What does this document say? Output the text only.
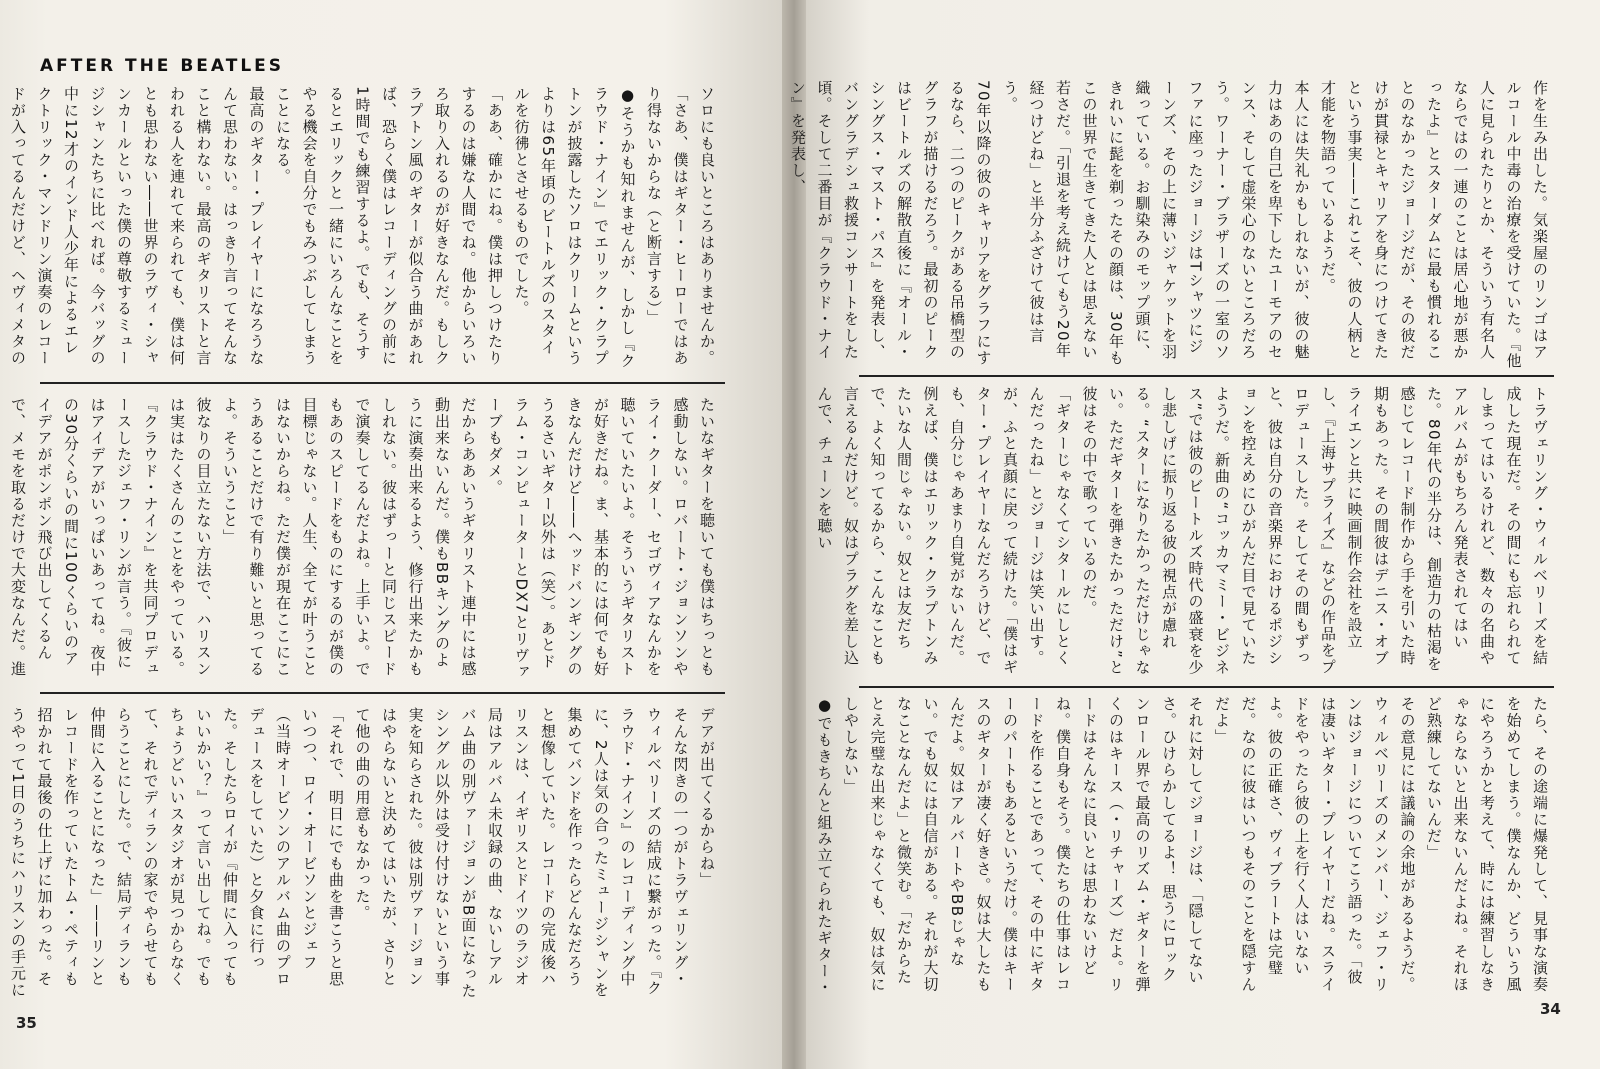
AFTER THE BEATLES
ソロにも良いところはありませんか。
「さあ、僕はギター・ヒーローではあり得ないからな（と断言する）」
●そうかも知れませんが、しかし『クラウド・ナイン』でエリック・クラプトンが披露したソロはクリームというよりは65年頃のビートルズのスタイルを彷彿とさせるものでした。
「ああ、確かにね。僕は押しつけたりするのは嫌な人間でね。他からいろいろ取り入れるのが好きなんだ。もしクラプトン風のギターが似合う曲があれば、恐らく僕はレコーディングの前に1時間でも練習するよ。でも、そうするとエリックと一緒にいろんなことをやる機会を自分でもみつぶしてしまうことになる。
最高のギター・プレイヤーになろうなんて思わない。はっきり言ってそんなこと構わない。最高のギタリストと言われる人を連れて来られても、僕は何とも思わない――世界のラヴィ・シャンカールといった僕の尊敬するミュージシャンたちに比べれば。今バッグの中に12才のインド人少年によるエレクトリック・マンドリン演奏のレコードが入ってるんだけど、ヘヴィメタの
たいなギターを聴いても僕はちっとも感動しない。ロバート・ジョンソンやライ・クーダー、セゴヴィアなんかを聴いていたいよ。そういうギタリストが好きだね。ま、基本的には何でも好きなんだけど――ヘッドバンギングのうるさいギター以外は（笑）。あとドラム・コンピューターとDX7とリヴァーブもダメ。
だからああいうギタリスト連中には感動出来ないんだ。僕もBBキングのように演奏出来るよう、修行出来たかもしれない。彼はずっーと同じスピードで演奏してるんだよね。上手いよ。でもあのスピードをものにするのが僕の目標じゃない。人生、全てが叶うことはないからね。ただ僕が現在ここにこうあることだけで有り難いと思ってるよ。そういうこと」
彼なりの目立たない方法で、ハリスンは実はたくさんのことをやっている。『クラウド・ナイン』を共同プロデュースしたジェフ・リンが言う。『彼にはアイデアがいっぱいあってね。夜中の30分くらいの間に100くらいのアイデアがポンポン飛び出してくるんで、メモを取るだけで大変なんだ。進
デアが出てくるからね」
そんな閃きの一つがトラヴェリング・ウィルベリーズの結成に繋がった。『クラウド・ナイン』のレコーディング中に、2人は気の合ったミュージシャンを集めてバンドを作ったらどんなだろうと想像していた。レコードの完成後ハリスンは、イギリスとドイツのラジオ局はアルバム未収録の曲、ないしアルバム曲の別ヴァージョンがB面になったシングル以外は受け付けないという事実を知らされた。彼は別ヴァージョンはやらないと決めてはいたが、さりとて他の曲の用意もなかった。
「それで、明日にでも曲を書こうと思いつつ、ロイ・オービソンとジェフ（当時オービソンのアルバム曲のプロデュースをしていた）と夕食に行った。そしたらロイが『仲間に入ってもいいかい？』って言い出してね。でもちょうどいいスタジオが見つからなくて、それでディランの家でやらせてもらうことにした。で、結局ディランも仲間に入ることになった」――リンとレコードを作っていたトム・ペティも招かれて最後の仕上げに加わった。そうやって1日のうちにハリスンの手元に
35
作を生み出した。気楽屋のリンゴはアルコール中毒の治療を受けていた。『他人に見られたりとか、そういう有名人ならではの一連のことは居心地が悪かったよ』とスターダムに最も慣れることのなかったジョージだが、その彼だけが貫禄とキャリアを身につけてきたという事実――これこそ、彼の人柄と才能を物語っているようだ。
本人には失礼かもしれないが、彼の魅力はあの自己を卑下したユーモアのセンス、そして虚栄心のないところだろう。ワーナー・ブラザーズの一室のソファに座ったジョージはTシャツにジーンズ、その上に薄いジャケットを羽織っている。お馴染みのモップ頭に、きれいに髭を剃ったその顔は、30年もこの世界で生きてきた人とは思えない若さだ。「引退を考え続けてもう20年経つけどね」と半分ふざけて彼は言う。
70年以降の彼のキャリアをグラフにするなら、二つのピークがある吊橋型のグラフが描けるだろう。最初のピークはビートルズの解散直後に『オール・シングス・マスト・パス』を発表し、バングラデシュ救援コンサートをした頃。そして二番目が『クラウド・ナイン』を発表し、
トラヴェリング・ウィルベリーズを結成した現在だ。その間にも忘れられてしまってはいるけれど、数々の名曲やアルバムがもちろん発表されてはいた。80年代の半分は、創造力の枯渇を感じてレコード制作から手を引いた時期もあった。その間彼はデニス・オブライエンと共に映画制作会社を設立し、『上海サプライズ』などの作品をプロデュースした。そしてその間もずっと、彼は自分の音楽界におけるポジションを控えめにひがんだ目で見ていたようだ。新曲の“コッカマミー・ビジネス”では彼のビートルズ時代の盛衰を少し悲しげに振り返る彼の視点が慮れる。“スターになりたかっただけじゃない。ただギターを弾きたかっただけ”と彼はその中で歌っているのだ。
「ギターじゃなくてシタールにしとくんだったね」とジョージは笑い出す。が、ふと真顔に戻って続けた。「僕はギター・プレイヤーなんだろうけど、でも、自分じゃあまり自覚がないんだ。例えば、僕はエリック・クラプトンみたいな人間じゃない。奴とは友だちで、よく知ってるから、こんなことも言えるんだけど。奴はプラグを差し込んで、チューンを聴い
たら、その途端に爆発して、見事な演奏を始めてしまう。僕なんか、どういう風にやろうかと考えて、時には練習しなきゃならないと出来ないんだよね。それほど熟練してないんだ」
その意見には議論の余地があるようだ。ウィルベリーズのメンバー、ジェフ・リンはジョージについてこう語った。「彼は凄いギター・プレイヤーだね。スライドをやったら彼の上を行く人はいないよ。彼の正確さ、ヴィブラートは完璧だ。なのに彼はいつもそのことを隠すんだよ」
それに対してジョージは、「隠してないさ。ひけらかしてるよ！ 思うにロックンロール界で最高のリズム・ギターを弾くのはキース（・リチャーズ）だよ。リードはそんなに良いとは思わないけどね。僕自身もそう。僕たちの仕事はレコードを作ることであって、その中にギターのパートもあるというだけ。僕はキースのギターが凄く好きさ。奴は大したもんだよ。奴はアルバートやBBじゃない。でも奴には自信がある。それが大切なことなんだよ」と微笑む。「だからたとえ完璧な出来じゃなくても、奴は気にしやしない」
●でもきちんと組み立てられたギター・
34
